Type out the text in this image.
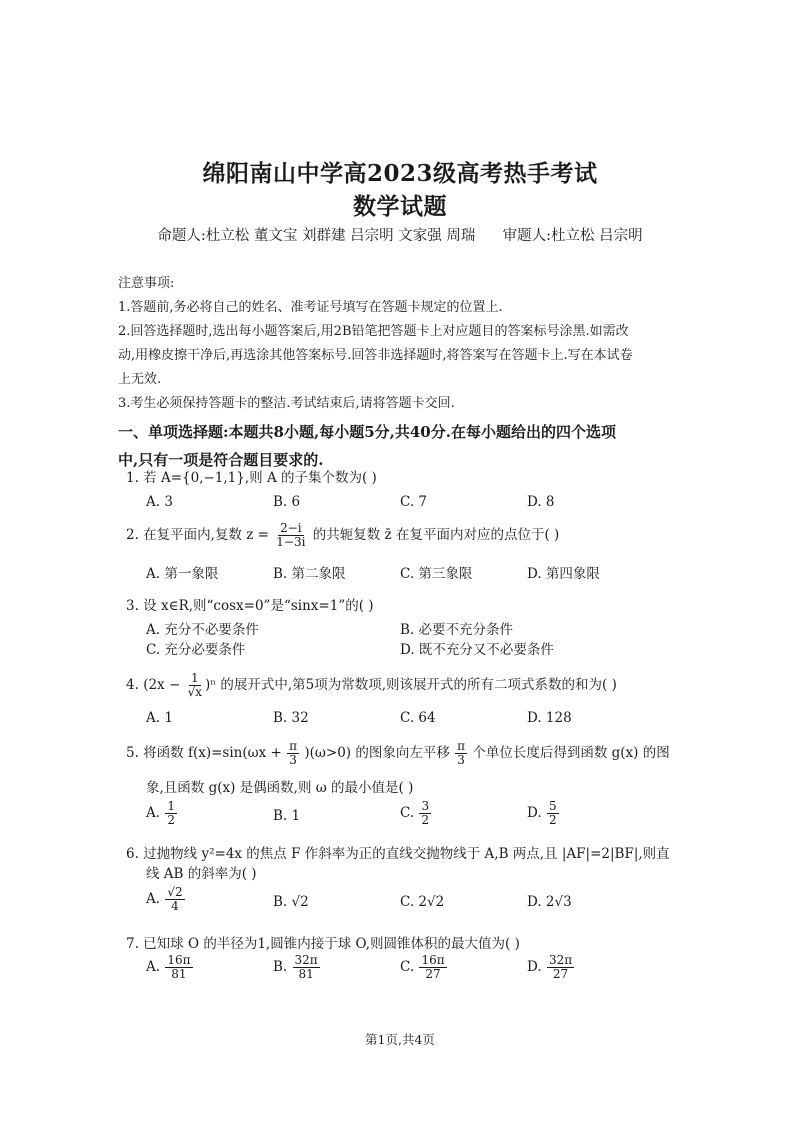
绵阳南山中学高2023级高考热手考试
数学试题
命题人:杜立松 董文宝 刘群建 吕宗明 文家强 周瑞 审题人:杜立松 吕宗明
注意事项:
1.答题前,务必将自己的姓名、准考证号填写在答题卡规定的位置上.
2.回答选择题时,选出每小题答案后,用2B铅笔把答题卡上对应题目的答案标号涂黑.如需改
动,用橡皮擦干净后,再选涂其他答案标号.回答非选择题时,将答案写在答题卡上.写在本试卷
上无效.
3.考生必须保持答题卡的整洁.考试结束后,请将答题卡交回.
一、单项选择题:本题共8小题,每小题5分,共40分.在每小题给出的四个选项
中,只有一项是符合题目要求的.
1. 若 A={0,−1,1},则 A 的子集个数为( )
A. 3	B. 6	C. 7	D. 8
2. 在复平面内,复数 $z = \frac{2-i}{1-3i}$ 的共轭复数 z̄ 在复平面内对应的点位于( )
A. 第一象限	B. 第二象限	C. 第三象限	D. 第四象限
3. 设 x∈R,则“cosx=0”是“sinx=1”的( )
A. 充分不必要条件	B. 必要不充分条件
C. 充分必要条件	D. 既不充分又不必要条件
4. $(2x - \frac{1}{√x} )^n$ 的展开式中,第5项为常数项,则该展开式的所有二项式系数的和为( )
A. 1	B. 32	C. 64	D. 128
5. 将函数 $f(x)=\sin(\omega x + \frac{\pi}{3} )(\omega>0)$ 的图象向左平移 $\frac{\pi}{3}$ 个单位长度后得到函数 g(x) 的图
象,且函数 g(x) 是偶函数,则 ω 的最小值是( )
A. $\frac{1}{2}$	B. 1	C. $\frac{3}{2}$	D. $\frac{5}{2}$
6. 过抛物线 y²=4x 的焦点 F 作斜率为正的直线交抛物线于 A,B 两点,且 |AF|=2|BF|,则直
线 AB 的斜率为( )
A. $\frac{√2}{4}$	B. √2	C. 2√2	D. 2√3
7. 已知球 O 的半径为1,圆锥内接于球 O,则圆锥体积的最大值为( )
A. $\frac{16\pi}{81}$	B. $\frac{32\pi}{81}$	C. $\frac{16\pi}{27}$	D. $\frac{32\pi}{27}$
第1页,共4页
